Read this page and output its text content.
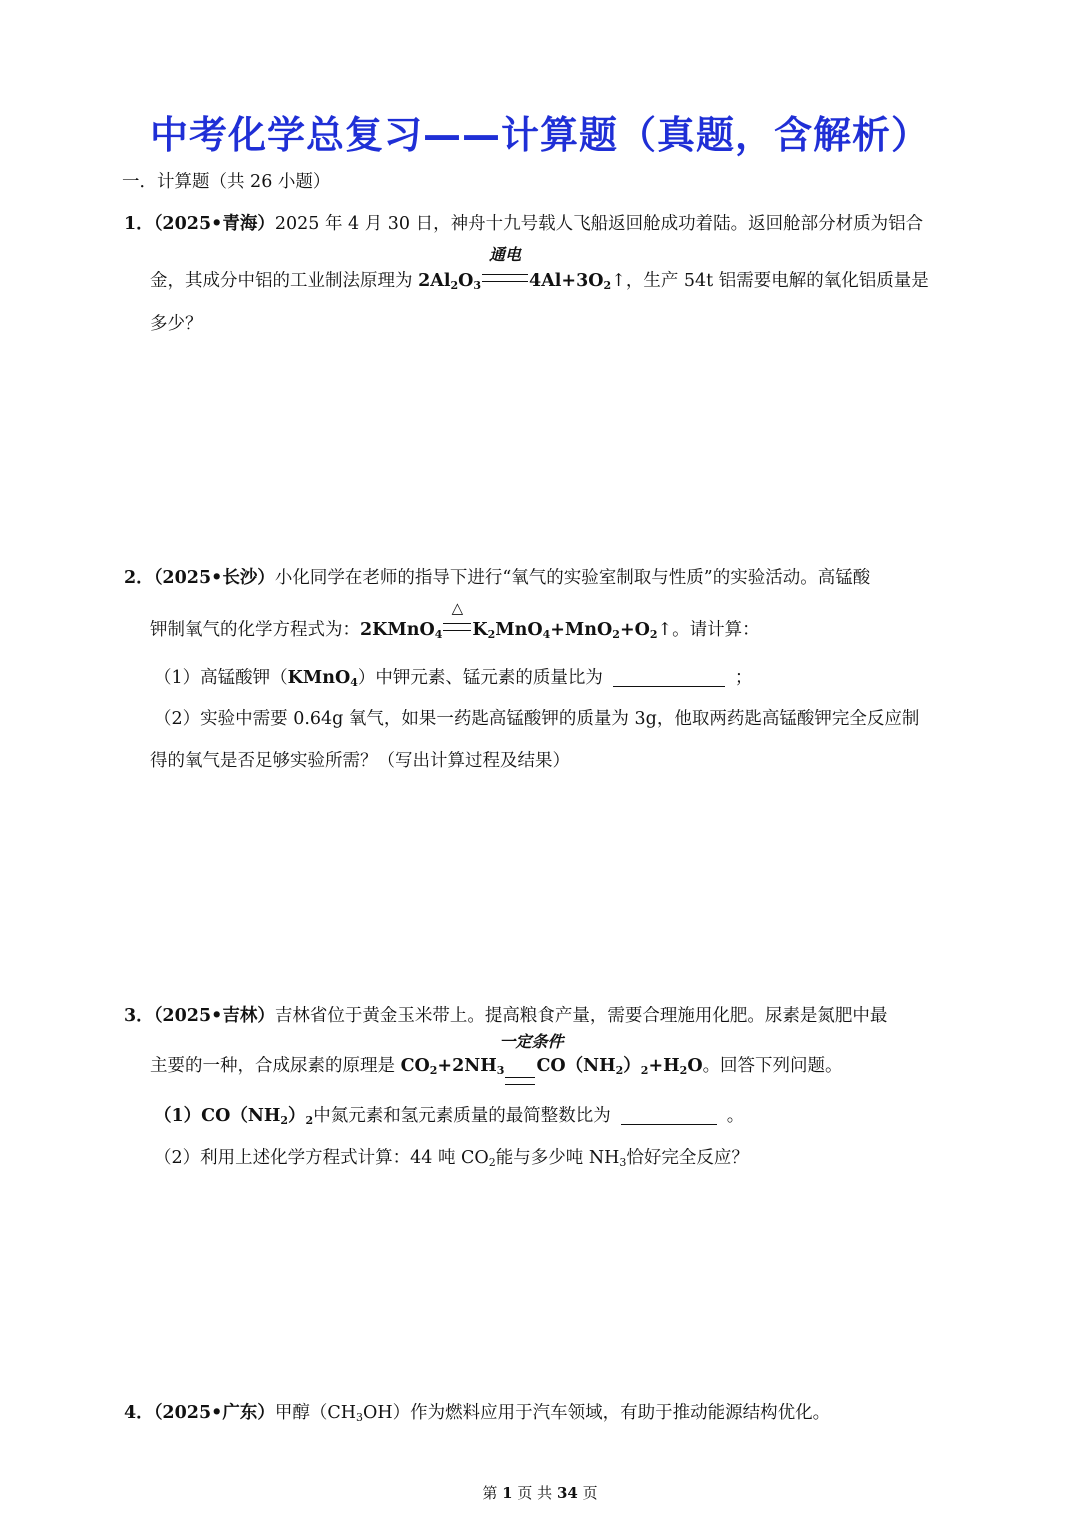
中考化学总复习——计算题（真题，含解析）
一．计算题（共 26 小题）
1．（2025•青海）2025 年 4 月 30 日，神舟十九号载人飞船返回舱成功着陆。返回舱部分材质为铝合
金，其成分中铝的工业制法原理为 $2Al_2O_3$
通电
$4Al+3O_2↑$，生产 54t 铝需要电解的氧化铝质量是
多少？
2．（2025•长沙）小化同学在老师的指导下进行“氧气的实验室制取与性质”的实验活动。高锰酸
钾制氧气的化学方程式为：2KMnO$_4$
△
$K_2MnO_4+MnO_2+O_2↑$。请计算：
（1）高锰酸钾（KMnO$_4$）中钾元素、锰元素的质量比为	；
（2）实验中需要 0.64g 氧气，如果一药匙高锰酸钾的质量为 3g，他取两药匙高锰酸钾完全反应制
得的氧气是否足够实验所需？（写出计算过程及结果）
3．（2025•吉林）吉林省位于黄金玉米带上。提高粮食产量，需要合理施用化肥。尿素是氮肥中最
主要的一种，合成尿素的原理是 $CO_2+2NH_3$
一定条件
$CO(NH_2)_2+H_2O$。回答下列问题。
$(1)CO(NH_2)_2$中氮元素和氢元素质量的最简整数比为	。
（2）利用上述化学方程式计算：44 吨 $CO_2$能与多少吨 $NH_3$恰好完全反应？
4．（2025•广东）甲醇$(CH_3OH)$作为燃料应用于汽车领域，有助于推动能源结构优化。
第 1 页 共 34 页
